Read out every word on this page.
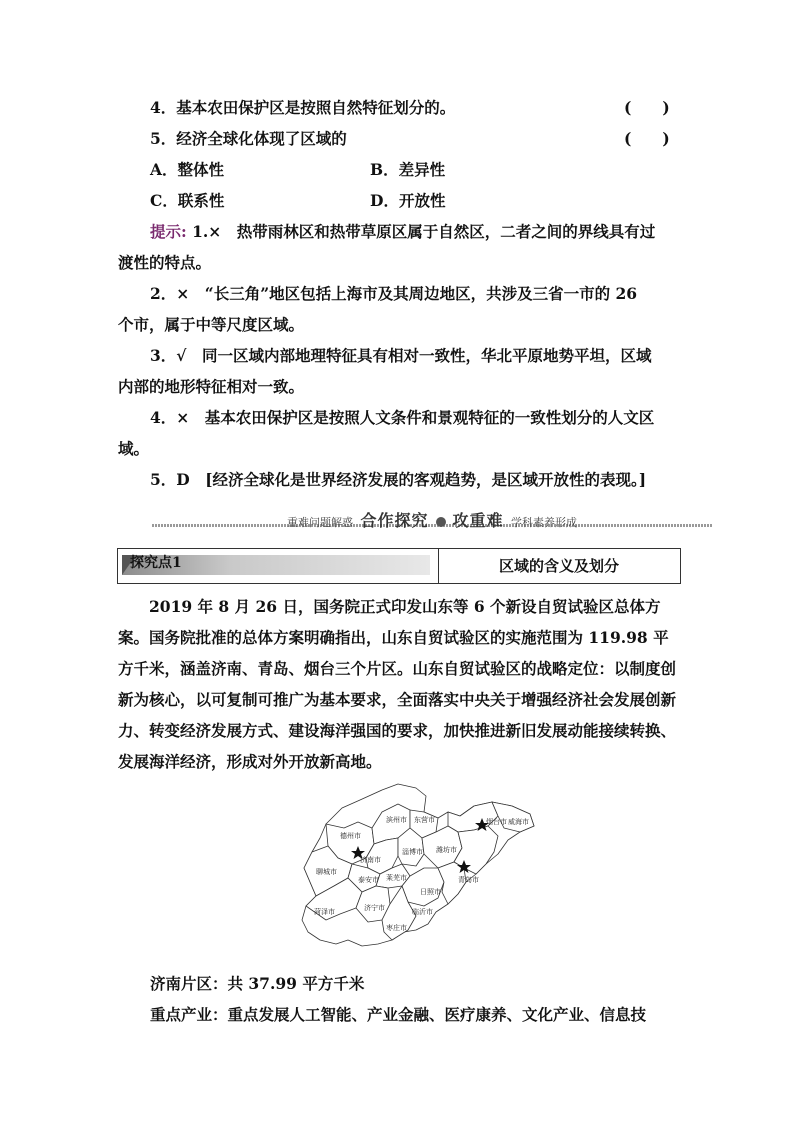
4．基本农田保护区是按照自然特征划分的。	(　　)
5．经济全球化体现了区域的	(　　)
A．整体性	B．差异性
C．联系性	D．开放性
提示: 1.×　热带雨林区和热带草原区属于自然区，二者之间的界线具有过
渡性的特点。
2．×　“长三角”地区包括上海市及其周边地区，共涉及三省一市的 26
个市，属于中等尺度区域。
3．√　同一区域内部地理特征具有相对一致性，华北平原地势平坦，区域
内部的地形特征相对一致。
4．×　基本农田保护区是按照人文条件和景观特征的一致性划分的人文区
域。
5．D　[经济全球化是世界经济发展的客观趋势，是区域开放性的表现。]
重难问题解惑 合作探究 攻重难 学科素养形成
探究点1	区域的含义及划分
2019 年 8 月 26 日，国务院正式印发山东等 6 个新设自贸试验区总体方案。国务院批准的总体方案明确指出，山东自贸试验区的实施范围为 119.98 平方千米，涵盖济南、青岛、烟台三个片区。山东自贸试验区的战略定位：以制度创新为核心，以可复制可推广为基本要求，全面落实中央关于增强经济社会发展创新力、转变经济发展方式、建设海洋强国的要求，加快推进新旧发展动能接续转换、发展海洋经济，形成对外开放新高地。
德州市
滨州市 东营市	烟台市 威海市
济南市
淄博市 潍坊市
聊城市
莱芜市
泰安市	青岛市
菏泽市	济宁市
日照市
临沂市
枣庄市
济南片区：共 37.99 平方千米
重点产业：重点发展人工智能、产业金融、医疗康养、文化产业、信息技
